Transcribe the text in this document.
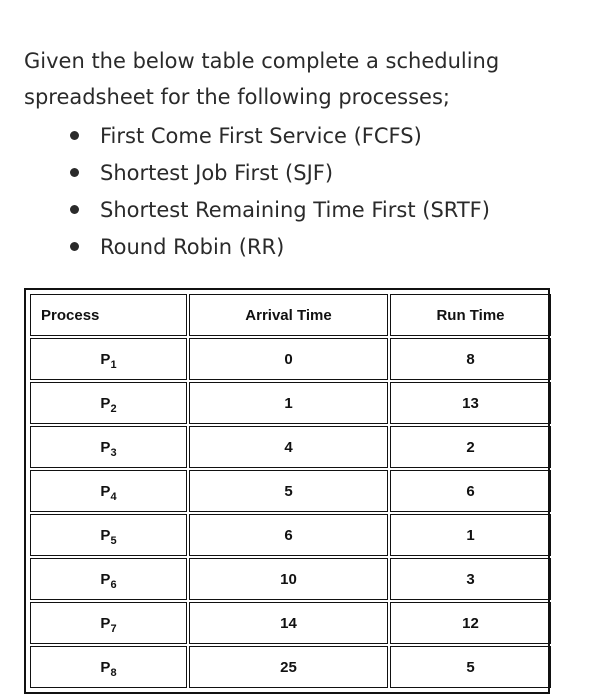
Given the below table complete a scheduling spreadsheet for the following processes;

First Come First Service (FCFS)
Shortest Job First (SJF)
Shortest Remaining Time First (SRTF)
Round Robin (RR)
Process	Arrival Time	Run Time
$P_1$	0	8
$P_2$	1	13
$P_3$	4	2
$P_4$	5	6
$P_5$	6	1
$P_6$	10	3
$P_7$	14	12
$P_8$	25	5
